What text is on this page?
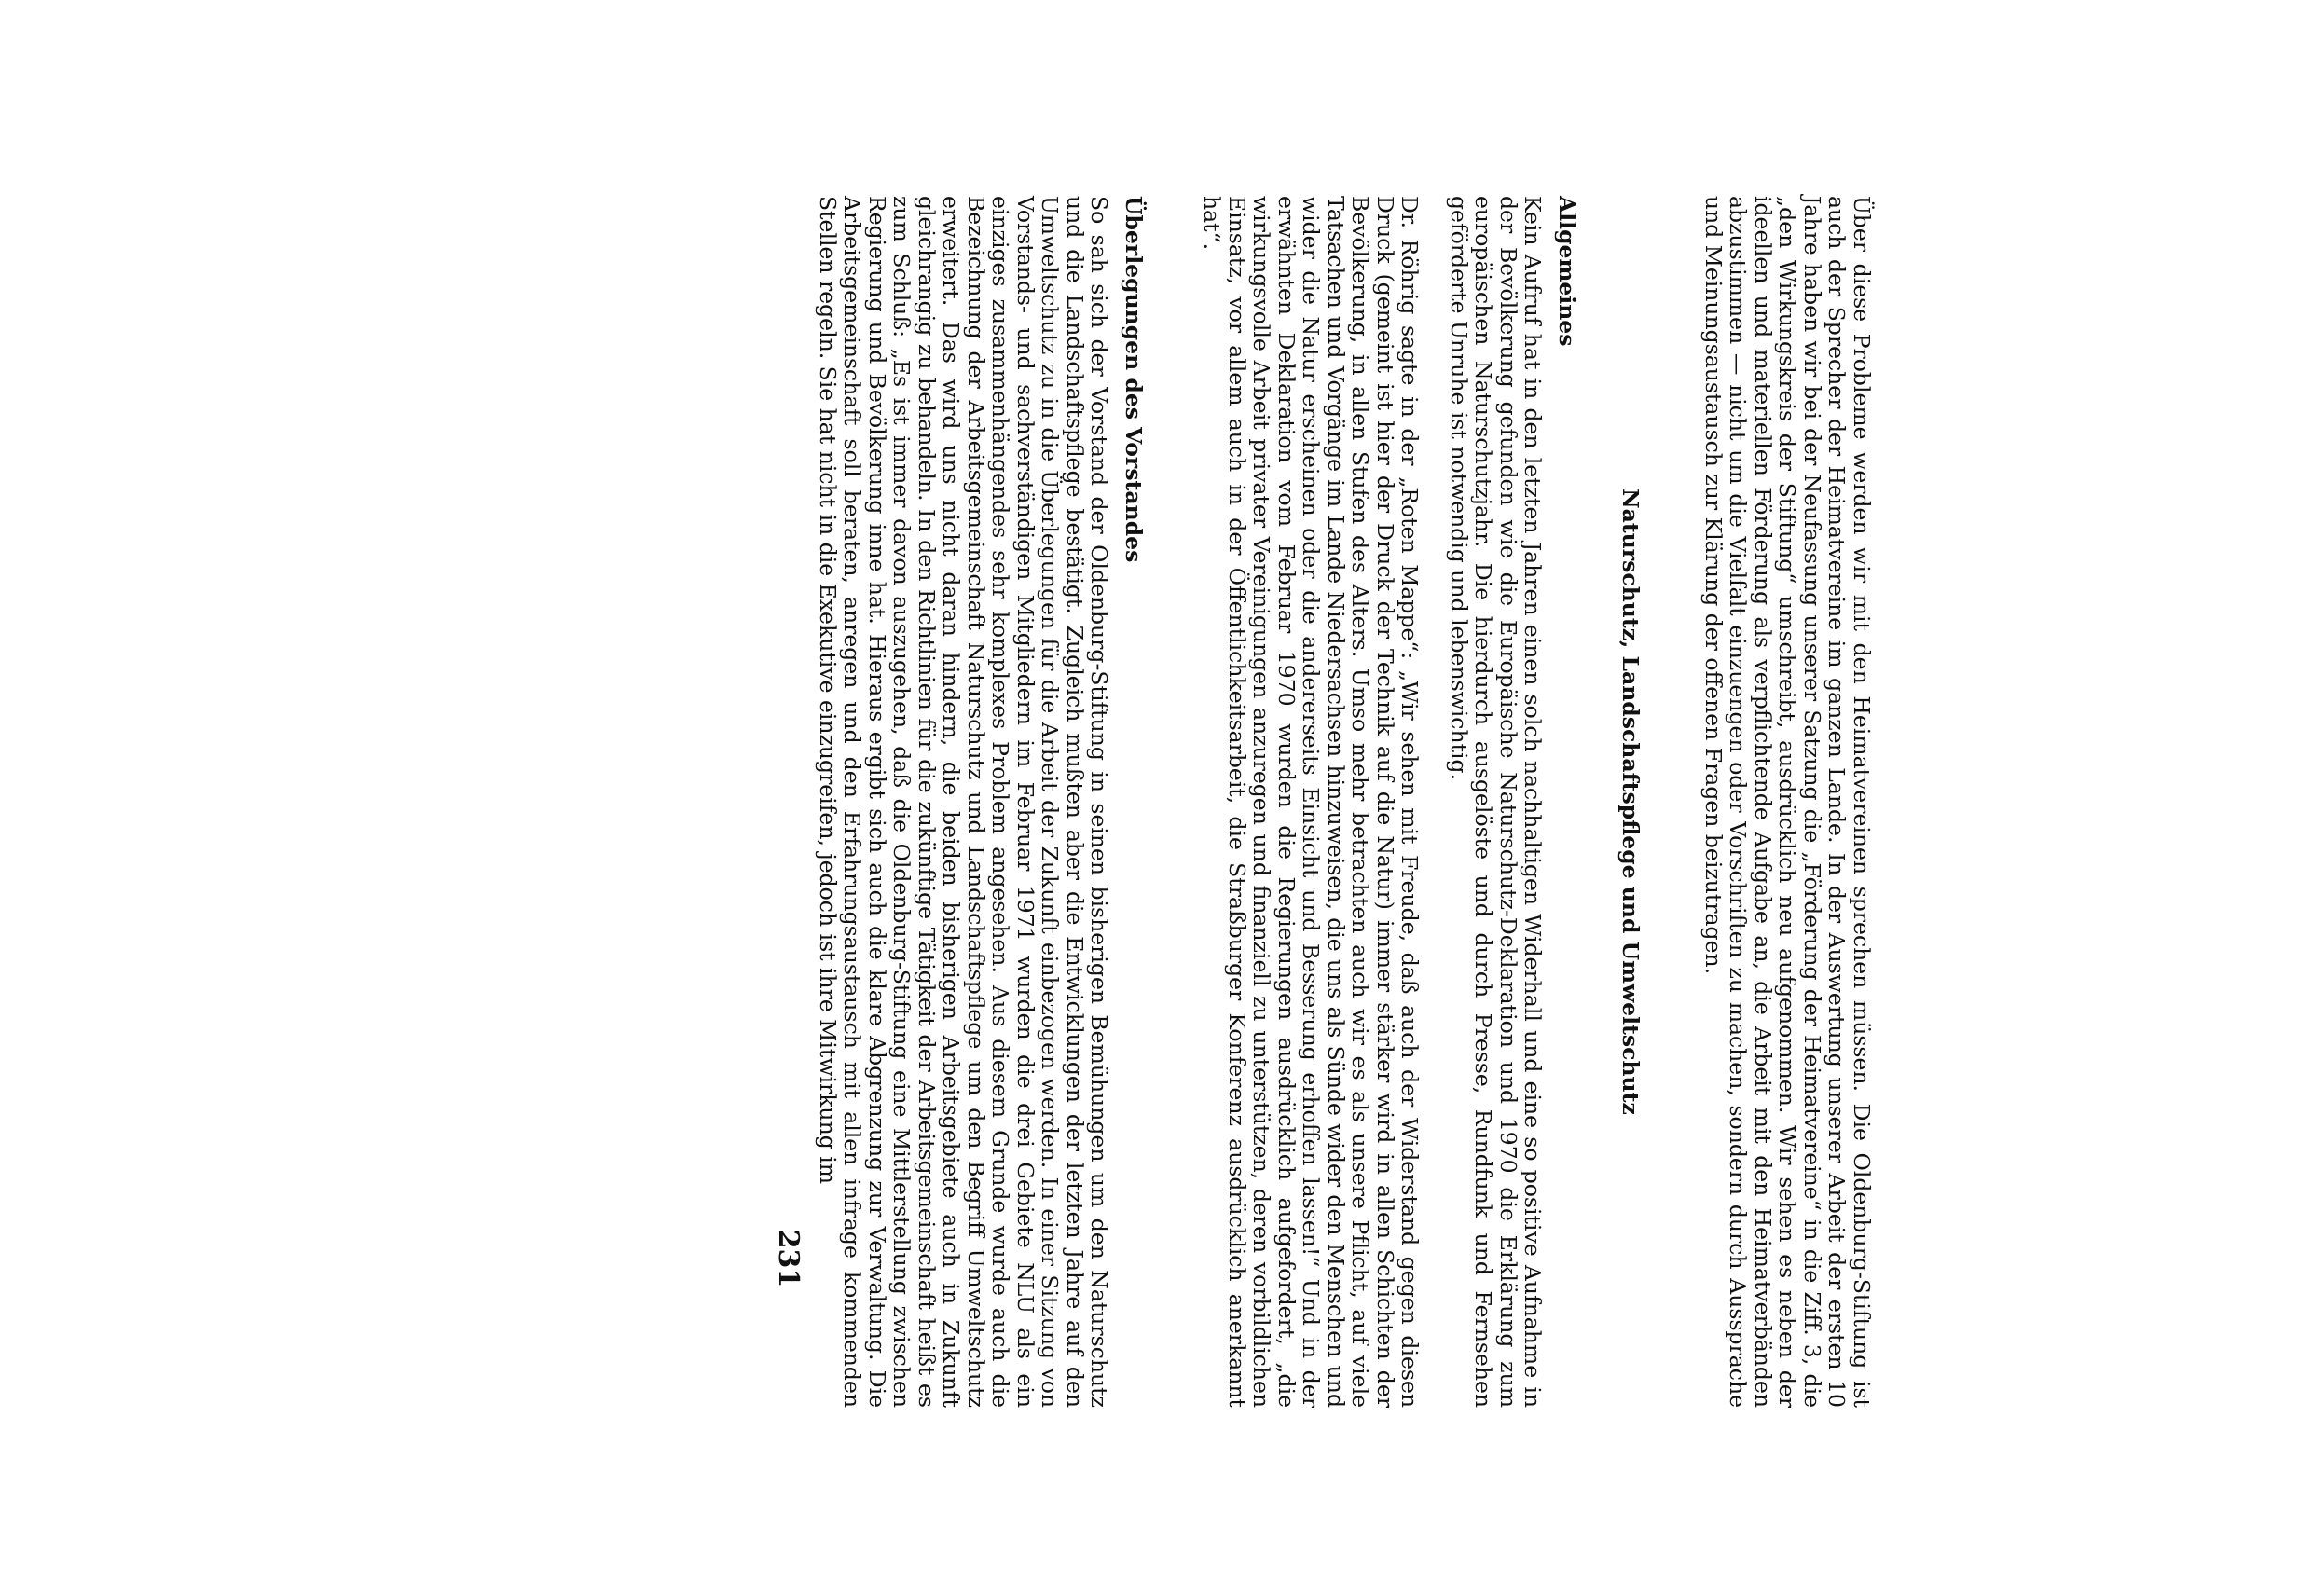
Über diese Probleme werden wir mit den Heimatvereinen sprechen müssen. Die Oldenburg-Stiftung ist auch der Sprecher der Heimatvereine im ganzen Lande. In der Auswertung unserer Arbeit der ersten 10 Jahre haben wir bei der Neufassung unserer Satzung die „Förderung der Heimatvereine“ in die Ziff. 3, die „den Wirkungskreis der Stiftung“ umschreibt, ausdrücklich neu aufgenommen. Wir sehen es neben der ideellen und materiellen Förderung als verpflichtende Aufgabe an, die Arbeit mit den Heimatverbänden abzustimmen — nicht um die Vielfalt einzuengen oder Vorschriften zu machen, sondern durch Aussprache und Meinungsaustausch zur Klärung der offenen Fragen beizutragen.

Naturschutz, Landschaftspflege und Umweltschutz
Allgemeines

Kein Aufruf hat in den letzten Jahren einen solch nachhaltigen Widerhall und eine so positive Aufnahme in der Bevölkerung gefunden wie die Europäische Naturschutz-Deklaration und 1970 die Erklärung zum europäischen Naturschutzjahr. Die hierdurch ausgelöste und durch Presse, Rundfunk und Fernsehen geförderte Unruhe ist notwendig und lebenswichtig.

Dr. Röhrig sagte in der „Roten Mappe“: „Wir sehen mit Freude, daß auch der Widerstand gegen diesen Druck (gemeint ist hier der Druck der Technik auf die Natur) immer stärker wird in allen Schichten der Bevölkerung, in allen Stufen des Alters. Umso mehr betrachten auch wir es als unsere Pflicht, auf viele Tatsachen und Vorgänge im Lande Niedersachsen hinzuweisen, die uns als Sünde wider den Menschen und wider die Natur erscheinen oder die andererseits Einsicht und Besserung erhoffen lassen!“ Und in der erwähnten Deklaration vom Februar 1970 wurden die Regierungen ausdrücklich aufgefordert, „die wirkungsvolle Arbeit privater Vereinigungen anzuregen und finanziell zu unterstützen, deren vorbildlichen Einsatz, vor allem auch in der Öffentlichkeitsarbeit, die Straßburger Konferenz ausdrücklich anerkannt hat“.

Überlegungen des Vorstandes

So sah sich der Vorstand der Oldenburg-Stiftung in seinen bisherigen Bemühungen um den Naturschutz und die Landschaftspflege bestätigt. Zugleich mußten aber die Entwicklungen der letzten Jahre auf den Umweltschutz zu in die Überlegungen für die Arbeit der Zukunft einbezogen werden. In einer Sitzung von Vorstands- und sachverständigen Mitgliedern im Februar 1971 wurden die drei Gebiete NLU als ein einziges zusammenhängendes sehr komplexes Problem angesehen. Aus diesem Grunde wurde auch die Bezeichnung der Arbeitsgemeinschaft Naturschutz und Landschaftspflege um den Begriff Umweltschutz erweitert. Das wird uns nicht daran hindern, die beiden bisherigen Arbeitsgebiete auch in Zukunft gleichrangig zu behandeln. In den Richtlinien für die zukünftige Tätigkeit der Arbeitsgemeinschaft heißt es zum Schluß: „Es ist immer davon auszugehen, daß die Oldenburg-Stiftung eine Mittlerstellung zwischen Regierung und Bevölkerung inne hat. Hieraus ergibt sich auch die klare Abgrenzung zur Verwaltung. Die Arbeitsgemeinschaft soll beraten, anregen und den Erfahrungsaustausch mit allen infrage kommenden Stellen regeln. Sie hat nicht in die Exekutive einzugreifen, jedoch ist ihre Mitwirkung im

231
